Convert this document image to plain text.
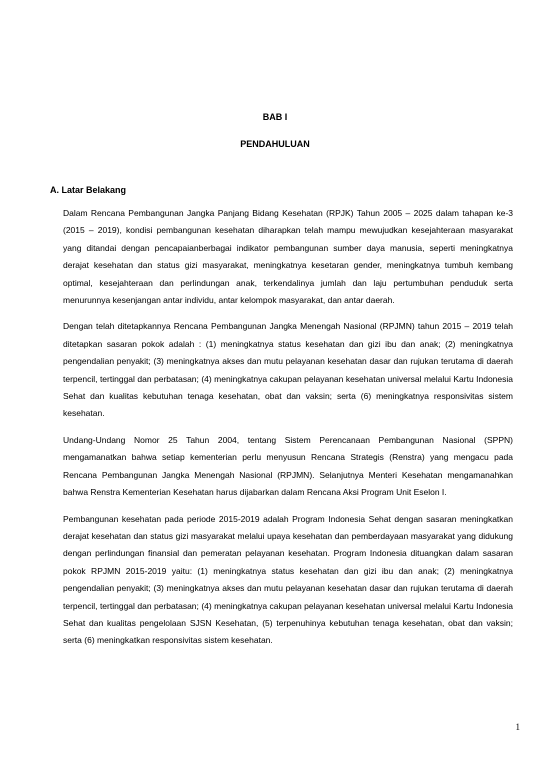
BAB I
PENDAHULUAN
A. Latar Belakang

Dalam Rencana Pembangunan Jangka Panjang Bidang Kesehatan (RPJK) Tahun 2005 – 2025 dalam tahapan ke-3 (2015 – 2019), kondisi pembangunan kesehatan diharapkan telah mampu mewujudkan kesejahteraan masyarakat yang ditandai dengan pencapaianberbagai indikator pembangunan sumber daya manusia, seperti meningkatnya derajat kesehatan dan status gizi masyarakat, meningkatnya kesetaran gender, meningkatnya tumbuh kembang optimal, kesejahteraan dan perlindungan anak, terkendalinya jumlah dan laju pertumbuhan penduduk serta menurunnya kesenjangan antar individu, antar kelompok masyarakat, dan antar daerah.

Dengan telah ditetapkannya Rencana Pembangunan Jangka Menengah Nasional (RPJMN) tahun 2015 – 2019 telah ditetapkan sasaran pokok adalah : (1) meningkatnya status kesehatan dan gizi ibu dan anak; (2) meningkatnya pengendalian penyakit; (3) meningkatnya akses dan mutu pelayanan kesehatan dasar dan rujukan terutama di daerah terpencil, tertinggal dan perbatasan; (4) meningkatnya cakupan pelayanan kesehatan universal melalui Kartu Indonesia Sehat dan kualitas kebutuhan tenaga kesehatan, obat dan vaksin; serta (6) meningkatnya responsivitas sistem kesehatan.

Undang-Undang Nomor 25 Tahun 2004, tentang Sistem Perencanaan Pembangunan Nasional (SPPN) mengamanatkan bahwa setiap kementerian perlu menyusun Rencana Strategis (Renstra) yang mengacu pada Rencana Pembangunan Jangka Menengah Nasional (RPJMN). Selanjutnya Menteri Kesehatan mengamanahkan bahwa Renstra Kementerian Kesehatan harus dijabarkan dalam Rencana Aksi Program Unit Eselon I.

Pembangunan kesehatan pada periode 2015-2019 adalah Program Indonesia Sehat dengan sasaran meningkatkan derajat kesehatan dan status gizi masyarakat melalui upaya kesehatan dan pemberdayaan masyarakat yang didukung dengan perlindungan finansial dan pemeratan pelayanan kesehatan. Program Indonesia dituangkan dalam sasaran pokok RPJMN 2015-2019 yaitu: (1) meningkatnya status kesehatan dan gizi ibu dan anak; (2) meningkatnya pengendalian penyakit; (3) meningkatnya akses dan mutu pelayanan kesehatan dasar dan rujukan terutama di daerah terpencil, tertinggal dan perbatasan; (4) meningkatnya cakupan pelayanan kesehatan universal melalui Kartu Indonesia Sehat dan kualitas pengelolaan SJSN Kesehatan, (5) terpenuhinya kebutuhan tenaga kesehatan, obat dan vaksin; serta (6) meningkatkan responsivitas sistem kesehatan.

1
